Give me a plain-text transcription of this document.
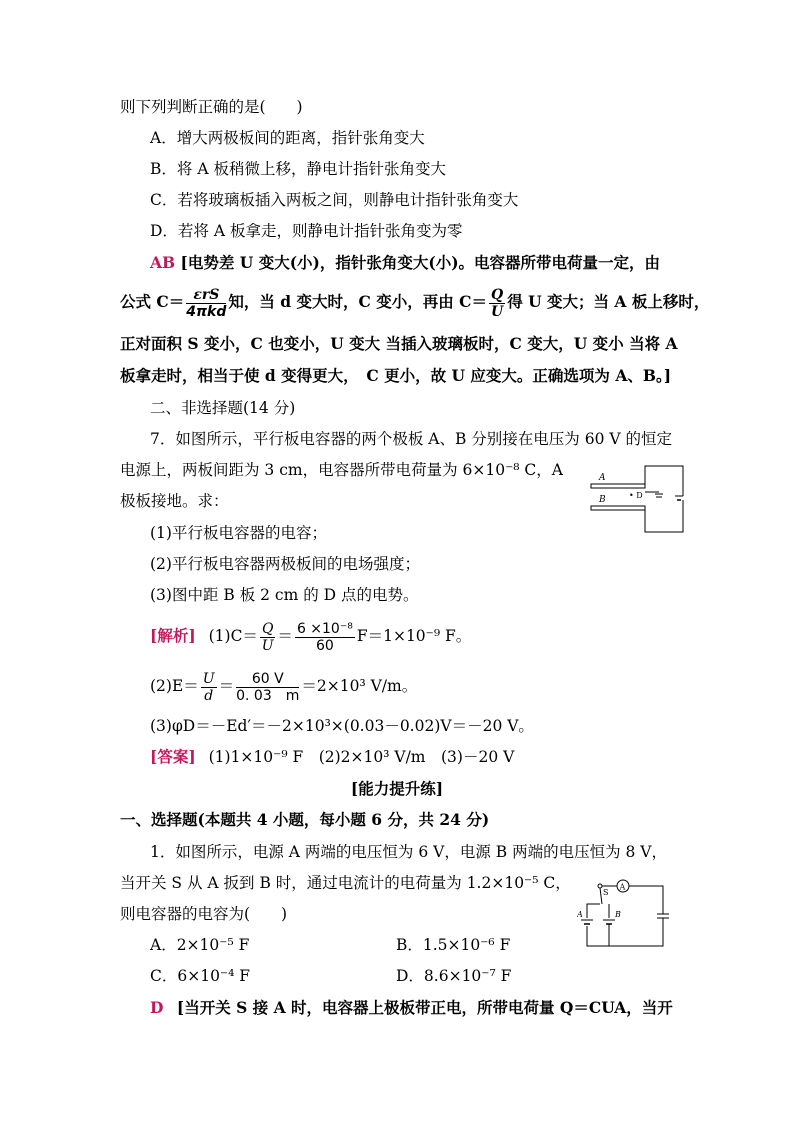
则下列判断正确的是(　　)
A．增大两极板间的距离，指针张角变大
B．将 A 板稍微上移，静电计指针张角变大
C．若将玻璃板插入两板之间，则静电计指针张角变大
D．若将 A 板拿走，则静电计指针张角变为零
AB [电势差 U 变大(小)，指针张角变大(小)。电容器所带电荷量一定，由
公式 $C= \frac{\text{εrS}}{\text{4πkd}}$ 知，当 d 变大时，C 变小，再由 $C= \frac{Q}{U}$ 得 U 变大；当 A 板上移时，
正对面积 S 变小，C 也变小，U 变大 当插入玻璃板时，C 变大，U 变小 当将 A
板拿走时，相当于使 d 变得更大，　C 更小，故 U 应变大。正确选项为 A、B。]
二、非选择题(14 分)
7．如图所示，平行板电容器的两个极板 A、B 分别接在电压为 60 V 的恒定
电源上，两板间距为 3 cm，电容器所带电荷量为 6×10⁻⁸ C，A
极板接地。求：
(1)平行板电容器的电容；
(2)平行板电容器两极板间的电场强度；
(3)图中距 B 板 2 cm 的 D 点的电势。
A
B	• D
[解析] $(1)C= \frac{Q}{U} = \frac{\text{6 ×10⁻⁸}}{60} F=1\times 10^{-9}$ F。
$(2)E= \frac{U}{d} = \frac{60 V}{0. 03 m} =2\times 10^3$ V/m。
(3)φD＝－Ed′＝－2×10³×(0.03－0.02)V＝－20 V。
[答案] (1)1×10⁻⁹ F　(2)2×10³ V/m　(3)－20 V
[能力提升练]
一、选择题(本题共 4 小题，每小题 6 分，共 24 分)
1．如图所示，电源 A 两端的电压恒为 6 V，电源 B 两端的电压恒为 8 V，
当开关 S 从 A 扳到 B 时，通过电流计的电荷量为 1.2×10⁻⁵ C，
则电容器的电容为(　　)
A．2×10⁻⁵ F	B．1.5×10⁻⁶ F
C．6×10⁻⁴ F	D．8.6×10⁻⁷ F
D [当开关 S 接 A 时，电容器上极板带正电，所带电荷量 Q＝CUA，当开
A
S
A	B
